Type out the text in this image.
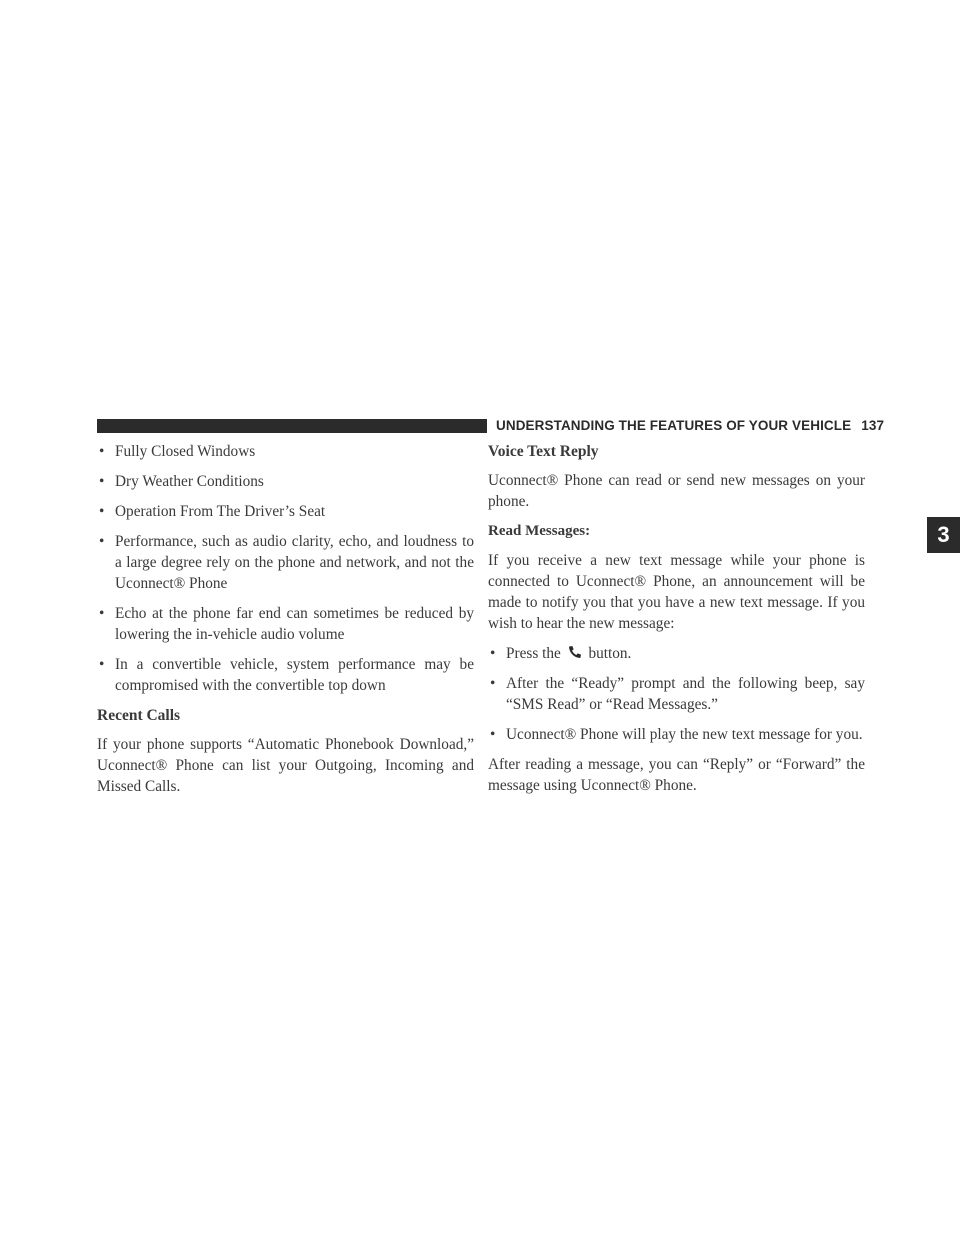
UNDERSTANDING THE FEATURES OF YOUR VEHICLE 137
3
• Fully Closed Windows
• Dry Weather Conditions
• Operation From The Driver’s Seat
• Performance, such as audio clarity, echo, and loudness to a large degree rely on the phone and network, and not the Uconnect® Phone
• Echo at the phone far end can sometimes be reduced by lowering the in-vehicle audio volume
• In a convertible vehicle, system performance may be compromised with the convertible top down
Recent Calls

If your phone supports “Automatic Phonebook Download,” Uconnect® Phone can list your Outgoing, Incoming and Missed Calls.

Voice Text Reply

Uconnect® Phone can read or send new messages on your phone.

Read Messages:

If you receive a new text message while your phone is connected to Uconnect® Phone, an announcement will be made to notify you that you have a new text message. If you wish to hear the new message:

• Press the button.
• After the “Ready” prompt and the following beep, say “SMS Read” or “Read Messages.”
• Uconnect® Phone will play the new text message for you.

After reading a message, you can “Reply” or “Forward” the message using Uconnect® Phone.
